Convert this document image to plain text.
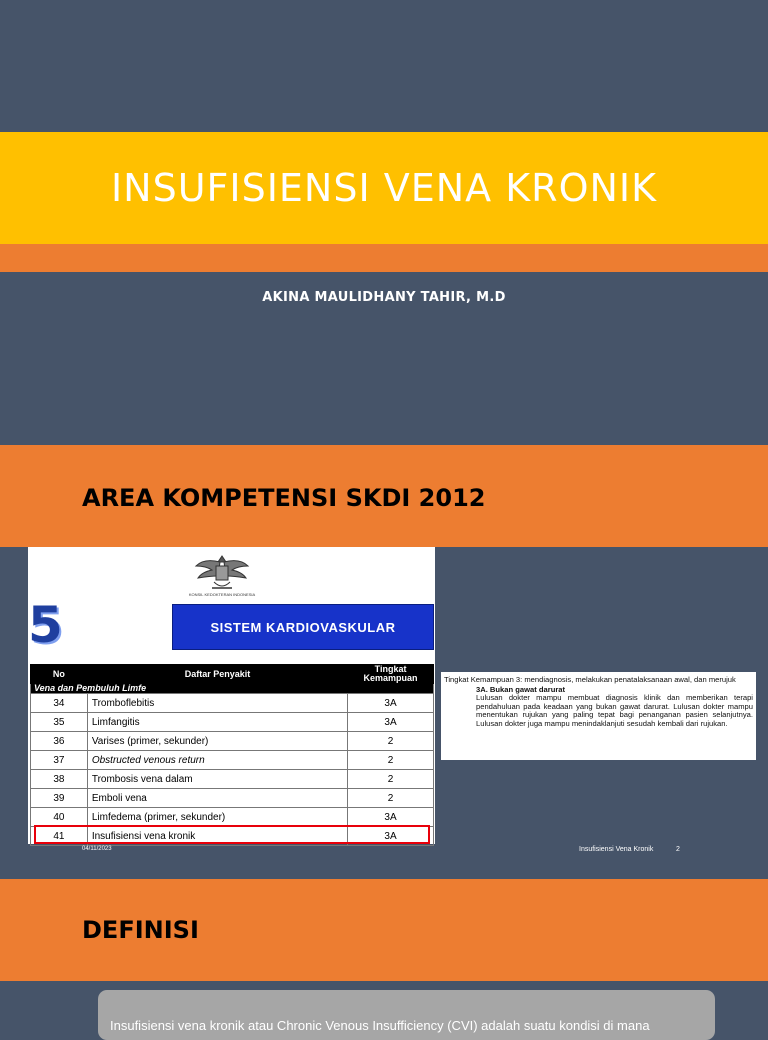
INSUFISIENSI VENA KRONIK
AKINA MAULIDHANY TAHIR, M.D
AREA KOMPETENSI SKDI 2012
KONSIL KEDOKTERAN INDONESIA
5	SISTEM KARDIOVASKULAR
No	Daftar Penyakit	Tingkat Kemampuan
Vena dan Pembuluh Limfe		
34	Tromboflebitis	3A
35	Limfangitis	3A
36	Varises (primer, sekunder)	2
37	Obstructed venous return	2
38	Trombosis vena dalam	2
39	Emboli vena	2
40	Limfedema (primer, sekunder)	3A
41	Insufisiensi vena kronik	3A
Tingkat Kemampuan 3: mendiagnosis, melakukan penatalaksanaan awal, dan merujuk
3A. Bukan gawat darurat
Lulusan dokter mampu membuat diagnosis klinik dan memberikan terapi pendahuluan pada keadaan yang bukan gawat darurat. Lulusan dokter mampu menentukan rujukan yang paling tepat bagi penanganan pasien selanjutnya. Lulusan dokter juga mampu menindaklanjuti sesudah kembali dari rujukan.
04/11/2023	Insufisiensi Vena Kronik	2
DEFINISI
Insufisiensi vena kronik atau Chronic Venous Insufficiency (CVI) adalah suatu kondisi di mana
